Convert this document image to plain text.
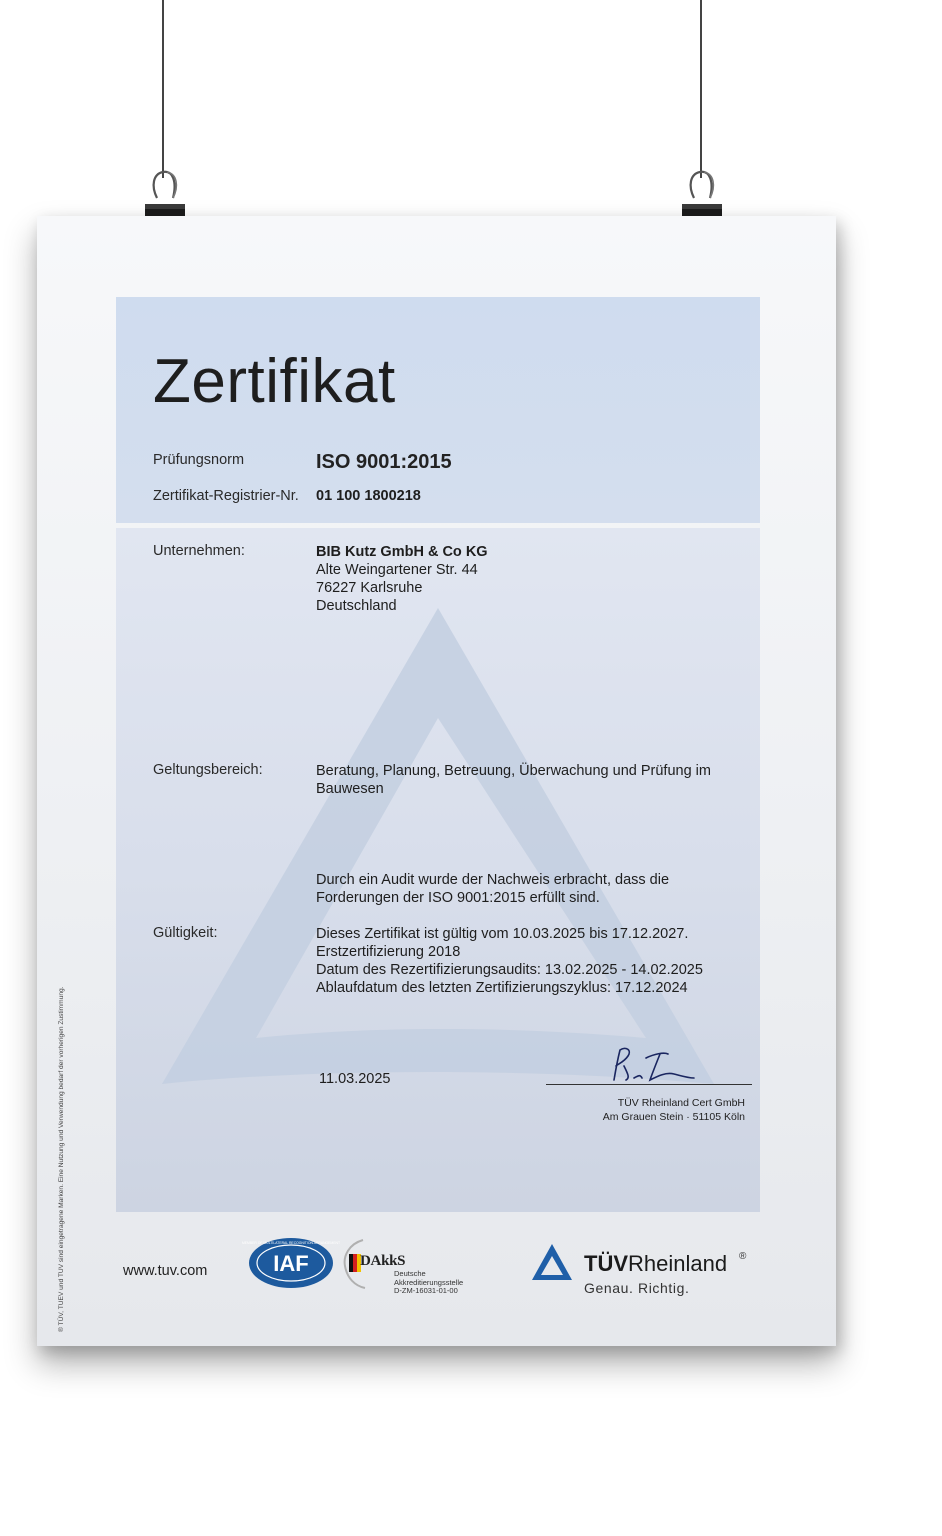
Zertifikat
Prüfungsnorm	ISO 9001:2015
Zertifikat-Registrier-Nr. 01 100 1800218
Unternehmen:	BIB Kutz GmbH & Co KG
Alte Weingartener Str. 44
76227 Karlsruhe
Deutschland
Geltungsbereich:	Beratung, Planung, Betreuung, Überwachung und Prüfung im
Bauwesen
Durch ein Audit wurde der Nachweis erbracht, dass die
Forderungen der ISO 9001:2015 erfüllt sind.
Gültigkeit:	Dieses Zertifikat ist gültig vom 10.03.2025 bis 17.12.2027.
Erstzertifizierung 2018
Datum des Rezertifizierungsaudits: 13.02.2025 - 14.02.2025
Ablaufdatum des letzten Zertifizierungszyklus: 17.12.2024
11.03.2025
TÜV Rheinland Cert GmbH
Am Grauen Stein · 51105 Köln
® TÜV, TUEV und TUV sind eingetragene Marken. Eine Nutzung und Verwendung bedarf der vorherigen Zustimmung.	www.tuv.com	IAF
MEMBER OF MULTILATERAL RECOGNITION ARRANGEMENT
DAkkS
Deutsche
Akkreditierungsstelle
D-ZM-16031-01-00
TÜVRheinland ®
Genau. Richtig.
